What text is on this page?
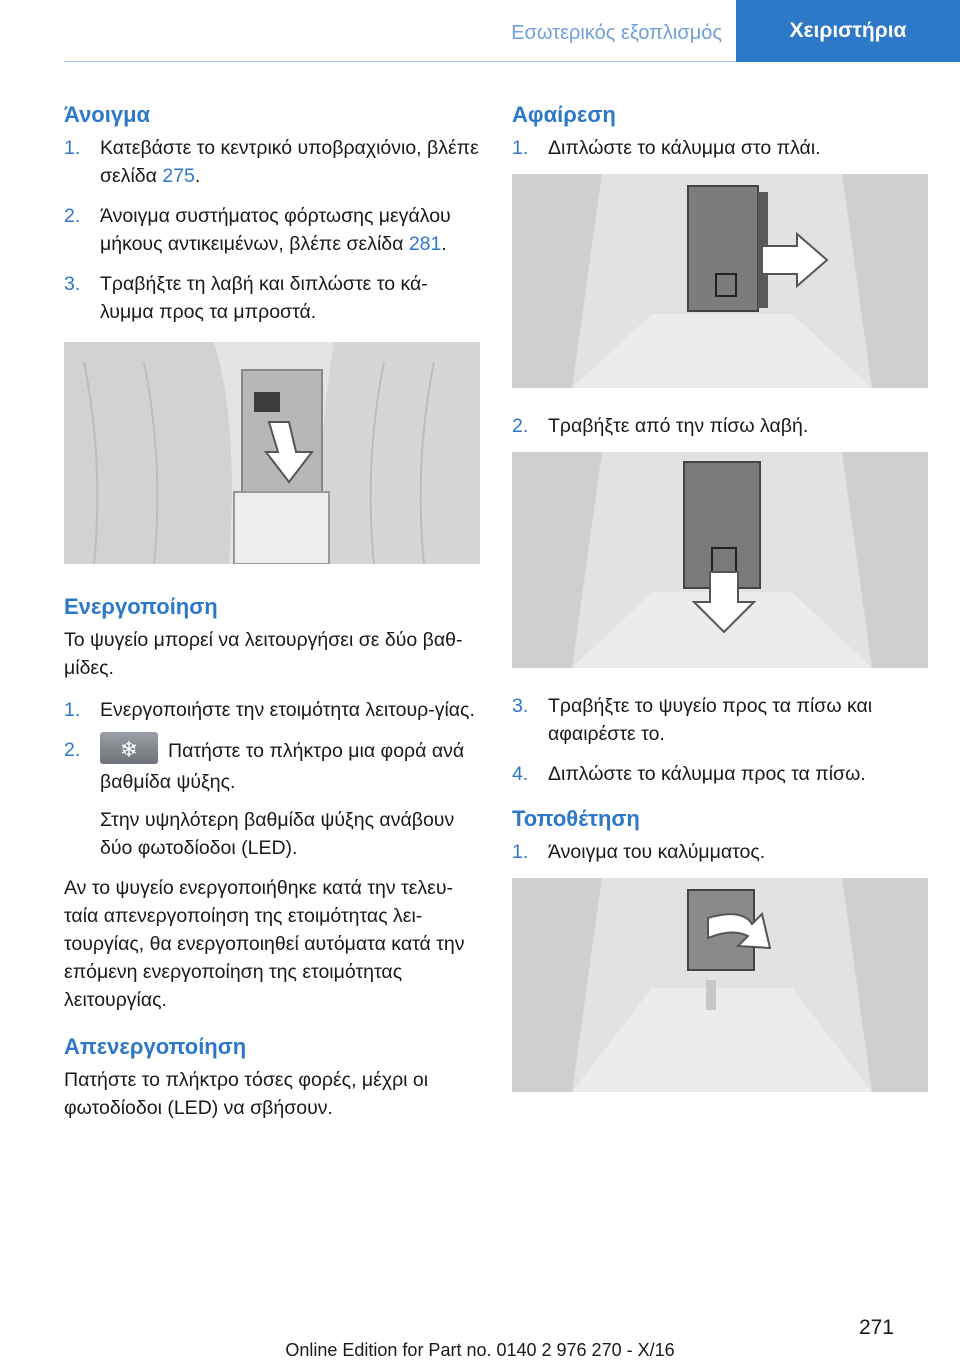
Εσωτερικός εξοπλισμός	Χειριστήρια
Άνοιγμα
1. Κατεβάστε το κεντρικό υποβραχιόνιο, βλέπε σελίδα 275.
2. Άνοιγμα συστήματος φόρτωσης μεγάλου μήκους αντικειμένων, βλέπε σελίδα 281.
3. Τραβήξτε τη λαβή και διπλώστε το κά-λυμμα προς τα μπροστά.
Ενεργοποίηση

Το ψυγείο μπορεί να λειτουργήσει σε δύο βαθ-μίδες.

1. Ενεργοποιήστε την ετοιμότητα λειτουρ-γίας.
2.	❄	Πατήστε το πλήκτρο μια φορά ανά βαθμίδα ψύξης.
Στην υψηλότερη βαθμίδα ψύξης ανάβουν δύο φωτοδίοδοι (LED).

Αν το ψυγείο ενεργοποιήθηκε κατά την τελευ-ταία απενεργοποίηση της ετοιμότητας λει-τουργίας, θα ενεργοποιηθεί αυτόματα κατά την επόμενη ενεργοποίηση της ετοιμότητας λειτουργίας.

Απενεργοποίηση

Πατήστε το πλήκτρο τόσες φορές, μέχρι οι φωτοδίοδοι (LED) να σβήσουν.

Αφαίρεση
1. Διπλώστε το κάλυμμα στο πλάι.
2. Τραβήξτε από την πίσω λαβή.
3. Τραβήξτε το ψυγείο προς τα πίσω και αφαιρέστε το.
4. Διπλώστε το κάλυμμα προς τα πίσω.
Τοποθέτηση
1. Άνοιγμα του καλύμματος.
271
Online Edition for Part no. 0140 2 976 270 - X/16
